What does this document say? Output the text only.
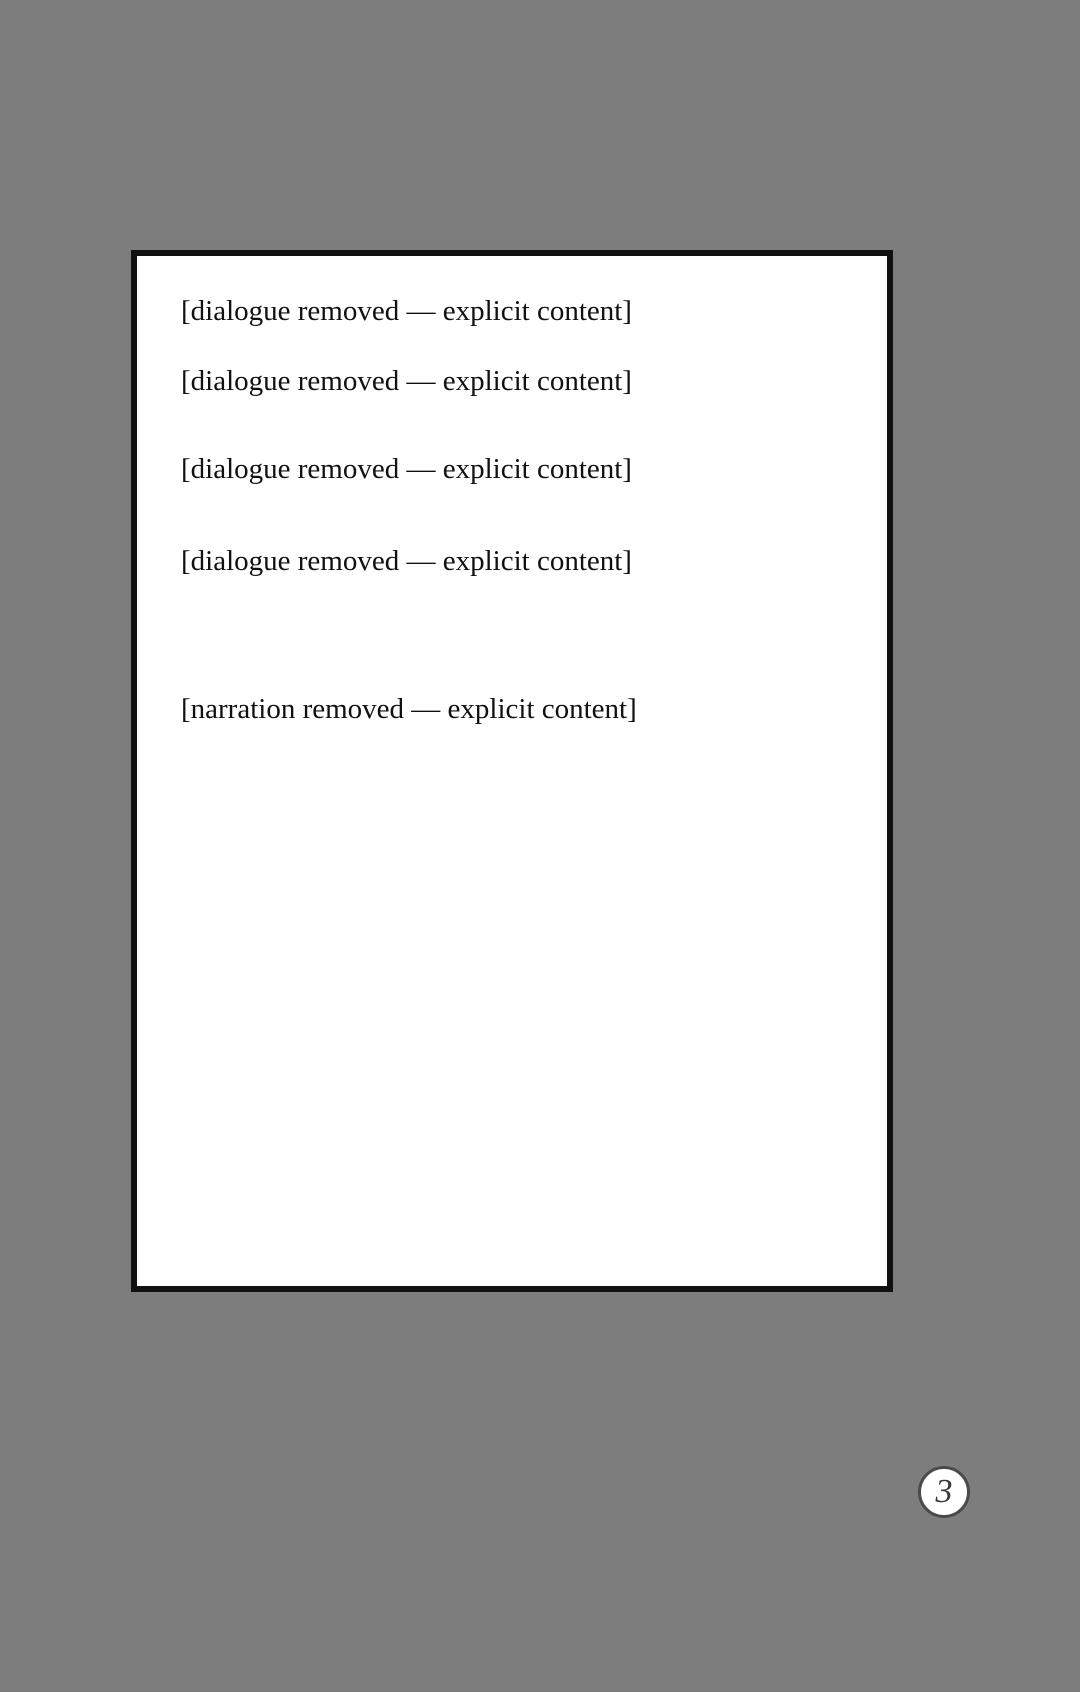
[dialogue removed — explicit content]

[dialogue removed — explicit content]

[dialogue removed — explicit content]

[dialogue removed — explicit content]

[narration removed — explicit content]

3
